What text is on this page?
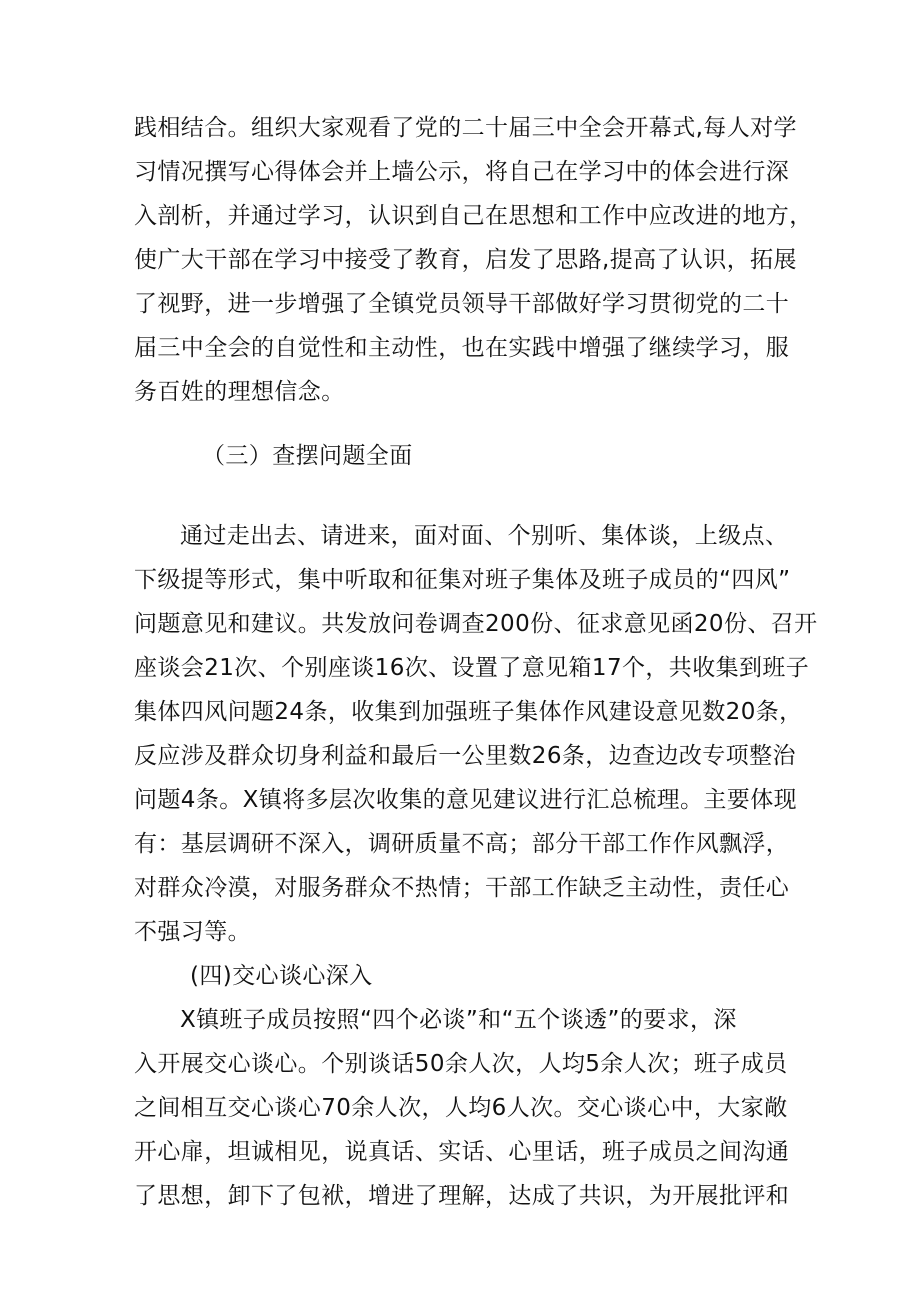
践相结合。组织大家观看了党的二十届三中全会开幕式,每人对学
习情况撰写心得体会并上墙公示，将自己在学习中的体会进行深
入剖析，并通过学习，认识到自己在思想和工作中应改进的地方，
使广大干部在学习中接受了教育，启发了思路,提高了认识，拓展
了视野，进一步增强了全镇党员领导干部做好学习贯彻党的二十
届三中全会的自觉性和主动性，也在实践中增强了继续学习，服
务百姓的理想信念。
（三）查摆问题全面
通过走出去、请进来，面对面、个别听、集体谈，上级点、
下级提等形式，集中听取和征集对班子集体及班子成员的“四风”
问题意见和建议。共发放问卷调查200份、征求意见函20份、召开
座谈会21次、个别座谈16次、设置了意见箱17个，共收集到班子
集体四风问题24条，收集到加强班子集体作风建设意见数20条，
反应涉及群众切身利益和最后一公里数26条，边查边改专项整治
问题4条。X镇将多层次收集的意见建议进行汇总梳理。主要体现
有：基层调研不深入，调研质量不高；部分干部工作作风飘浮，
对群众冷漠，对服务群众不热情；干部工作缺乏主动性，责任心
不强习等。
(四)交心谈心深入
X镇班子成员按照“四个必谈”和“五个谈透”的要求，深
入开展交心谈心。个别谈话50余人次，人均5余人次；班子成员
之间相互交心谈心70余人次，人均6人次。交心谈心中，大家敞
开心扉，坦诚相见，说真话、实话、心里话，班子成员之间沟通
了思想，卸下了包袱，增进了理解，达成了共识，为开展批评和
